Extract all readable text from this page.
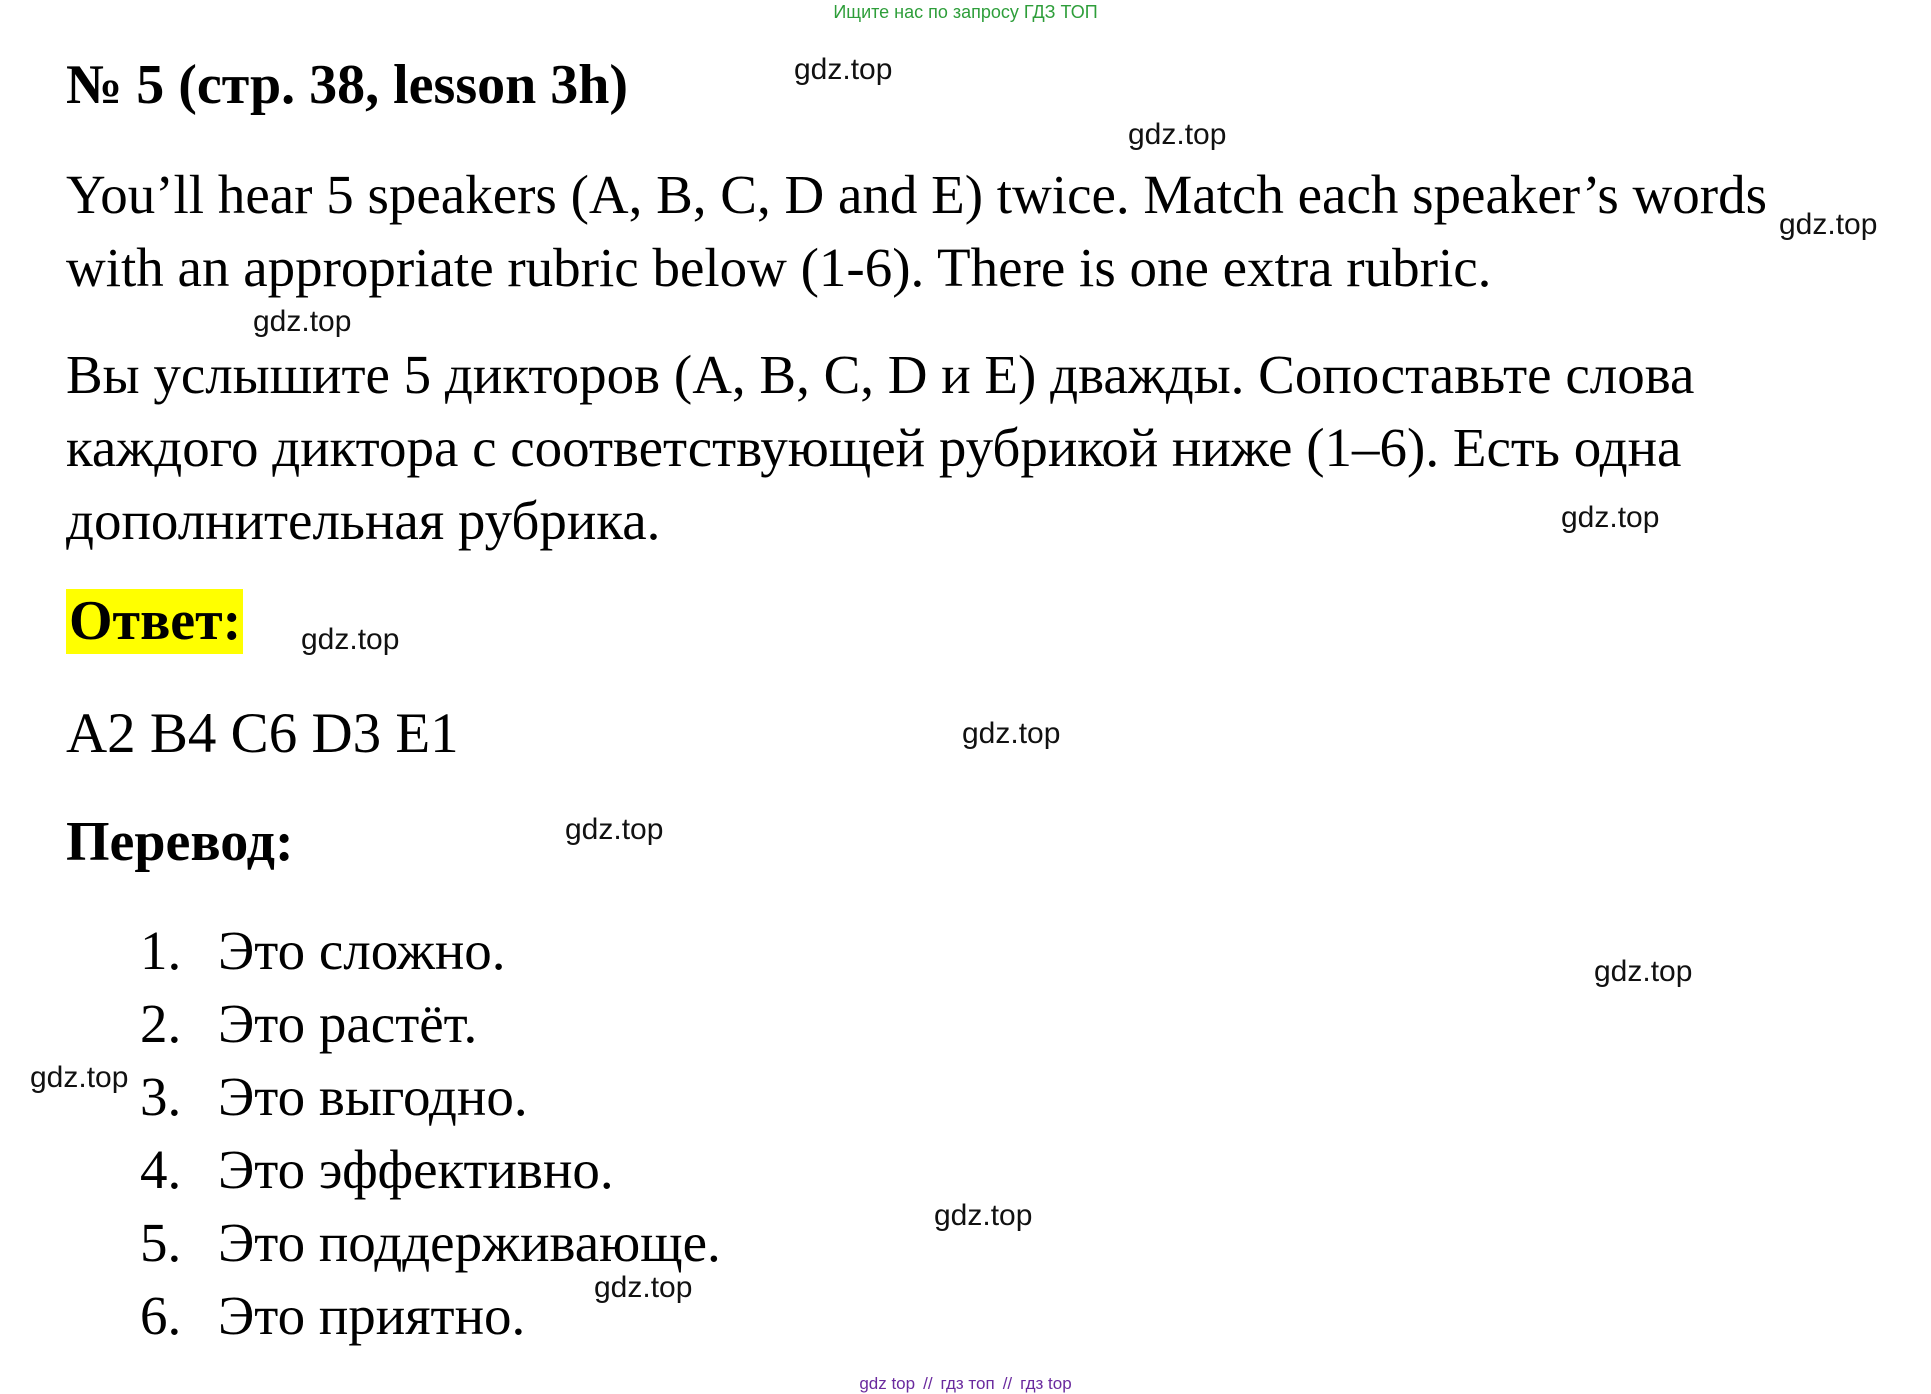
Ищите нас по запросу ГДЗ ТОП
№ 5 (стр. 38, lesson 3h)

You’ll hear 5 speakers (A, B, C, D and E) twice. Match each speaker’s words with an appropriate rubric below (1-6). There is one extra rubric.

Вы услышите 5 дикторов (A, B, C, D и E) дважды. Сопоставьте слова каждого диктора с соответствующей рубрикой ниже (1–6). Есть одна дополнительная рубрика.

Ответ:
A2 B4 C6 D3 E1
Перевод:
1. Это сложно.
2. Это растёт.
3. Это выгодно.
4. Это эффективно.
5. Это поддерживающе.
6. Это приятно.
gdz.top
gdz.top
gdz.top
gdz.top
gdz.top
gdz.top
gdz.top
gdz.top
gdz.top
gdz.top
gdz.top
gdz.top
gdz top // гдз топ // гдз top
